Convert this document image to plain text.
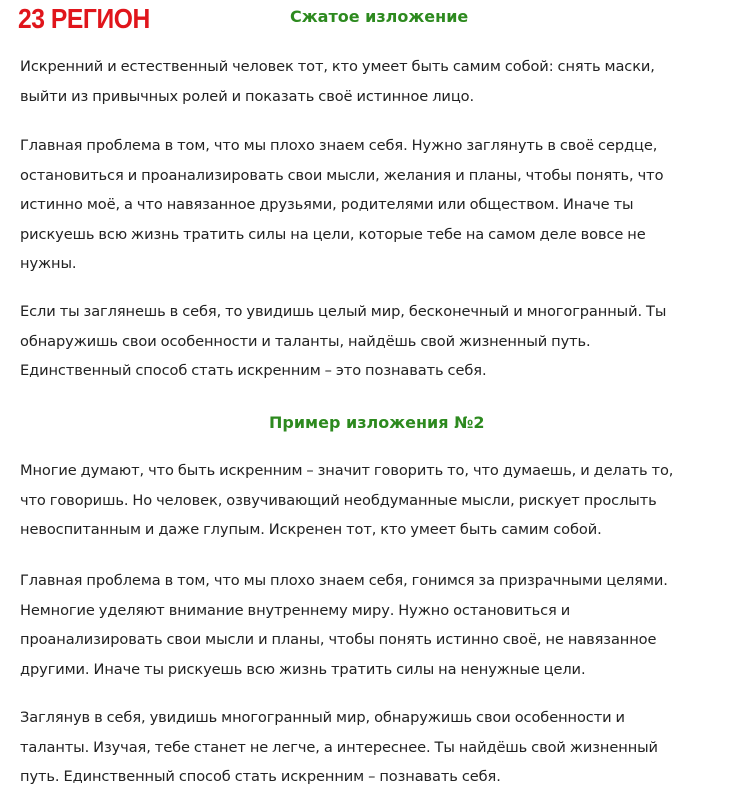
23 РЕГИОН	Сжатое изложение

Искренний и естественный человек тот, кто умеет быть самим собой: снять маски,
выйти из привычных ролей и показать своё истинное лицо.

Главная проблема в том, что мы плохо знаем себя. Нужно заглянуть в своё сердце,
остановиться и проанализировать свои мысли, желания и планы, чтобы понять, что
истинно моё, а что навязанное друзьями, родителями или обществом. Иначе ты
рискуешь всю жизнь тратить силы на цели, которые тебе на самом деле вовсе не
нужны.

Если ты заглянешь в себя, то увидишь целый мир, бесконечный и многогранный. Ты
обнаружишь свои особенности и таланты, найдёшь свой жизненный путь.
Единственный способ стать искренним – это познавать себя.

Пример изложения №2

Многие думают, что быть искренним – значит говорить то, что думаешь, и делать то,
что говоришь. Но человек, озвучивающий необдуманные мысли, рискует прослыть
невоспитанным и даже глупым. Искренен тот, кто умеет быть самим собой.

Главная проблема в том, что мы плохо знаем себя, гонимся за призрачными целями.
Немногие уделяют внимание внутреннему миру. Нужно остановиться и
проанализировать свои мысли и планы, чтобы понять истинно своё, не навязанное
другими. Иначе ты рискуешь всю жизнь тратить силы на ненужные цели.

Заглянув в себя, увидишь многогранный мир, обнаружишь свои особенности и
таланты. Изучая, тебе станет не легче, а интереснее. Ты найдёшь свой жизненный
путь. Единственный способ стать искренним – познавать себя.
